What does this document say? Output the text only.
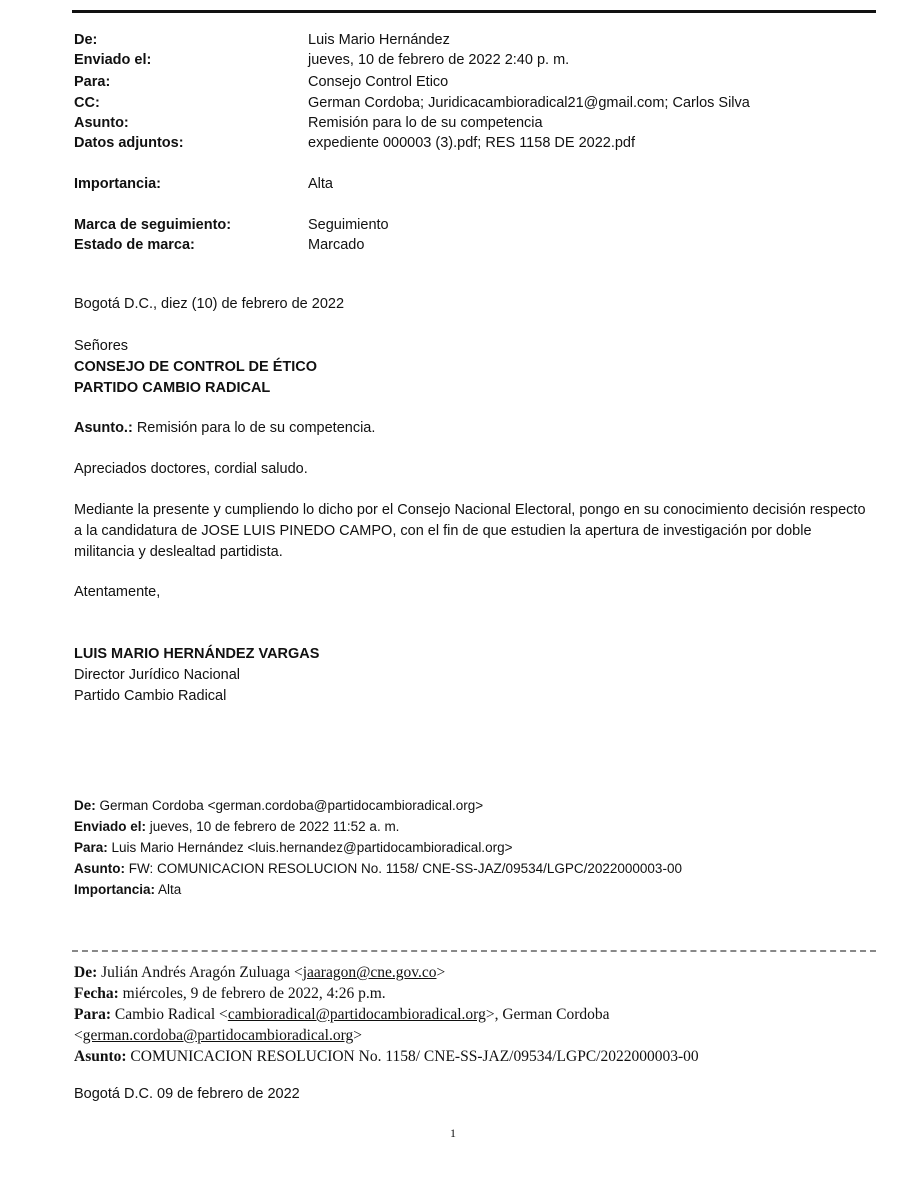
De:	Luis Mario Hernández
Enviado el:	jueves, 10 de febrero de 2022 2:40 p. m.
Para:	Consejo Control Etico
CC:	German Cordoba; Juridicacambioradical21@gmail.com; Carlos Silva
Asunto:	Remisión para lo de su competencia
Datos adjuntos:	expediente 000003 (3).pdf; RES 1158 DE 2022.pdf
Importancia:	Alta
Marca de seguimiento:	Seguimiento
Estado de marca:	Marcado
Bogotá D.C., diez (10) de febrero de 2022
Señores
CONSEJO DE CONTROL DE ÉTICO
PARTIDO CAMBIO RADICAL
Asunto.: Remisión para lo de su competencia.
Apreciados doctores, cordial saludo.
Mediante la presente y cumpliendo lo dicho por el Consejo Nacional Electoral, pongo en su conocimiento decisión respecto a la candidatura de JOSE LUIS PINEDO CAMPO, con el fin de que estudien la apertura de investigación por doble militancia y deslealtad partidista.
Atentamente,
LUIS MARIO HERNÁNDEZ VARGAS
Director Jurídico Nacional
Partido Cambio Radical
De: German Cordoba <german.cordoba@partidocambioradical.org>
Enviado el: jueves, 10 de febrero de 2022 11:52 a. m.
Para: Luis Mario Hernández <luis.hernandez@partidocambioradical.org>
Asunto: FW: COMUNICACION RESOLUCION No. 1158/ CNE-SS-JAZ/09534/LGPC/2022000003-00
Importancia: Alta
De: Julián Andrés Aragón Zuluaga <jaaragon@cne.gov.co>
Fecha: miércoles, 9 de febrero de 2022, 4:26 p.m.
Para: Cambio Radical <cambioradical@partidocambioradical.org>, German Cordoba
<german.cordoba@partidocambioradical.org>
Asunto: COMUNICACION RESOLUCION No. 1158/ CNE-SS-JAZ/09534/LGPC/2022000003-00
Bogotá D.C. 09 de febrero de 2022
1
